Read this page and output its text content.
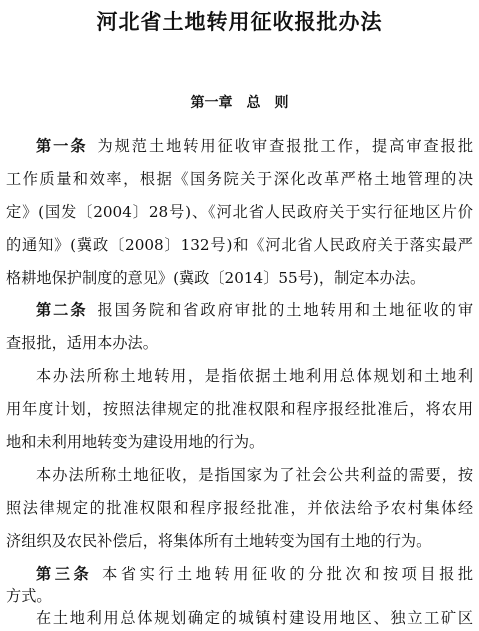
河北省土地转用征收报批办法
第一章　总　则
第一条 为规范土地转用征收审查报批工作，提高审查报批
工作质量和效率，根据《国务院关于深化改革严格土地管理的决
定》(国发〔2004〕28号)、《河北省人民政府关于实行征地区片价
的通知》(冀政〔2008〕132号)和《河北省人民政府关于落实最严
格耕地保护制度的意见》(冀政〔2014〕55号)，制定本办法。
第二条 报国务院和省政府审批的土地转用和土地征收的审
查报批，适用本办法。
本办法所称土地转用，是指依据土地利用总体规划和土地利
用年度计划，按照法律规定的批准权限和程序报经批准后，将农用
地和未利用地转变为建设用地的行为。
本办法所称土地征收，是指国家为了社会公共利益的需要，按
照法律规定的批准权限和程序报经批准，并依法给予农村集体经
济组织及农民补偿后，将集体所有土地转变为国有土地的行为。
第三条 本省实行土地转用征收的分批次和按项目报批
方式。
在土地利用总体规划确定的城镇村建设用地区、独立工矿区
